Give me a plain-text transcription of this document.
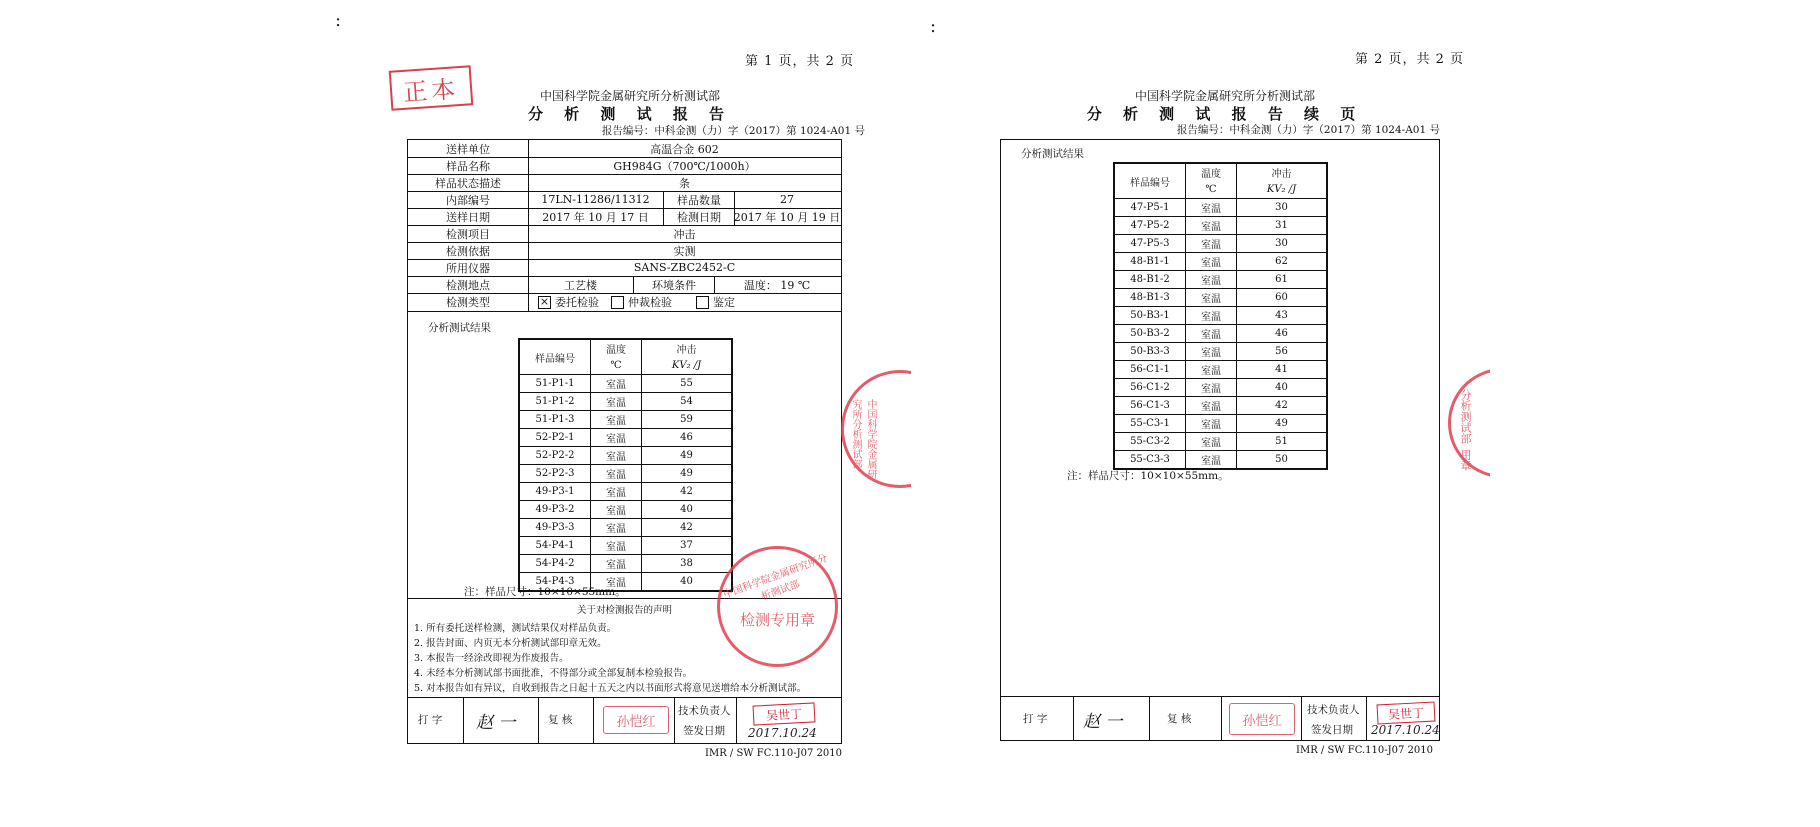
:
第 1 页，共 2 页
正本	中国科学院金属研究所分析测试部
分 析 测 试 报 告
报告编号：中科金测（力）字（2017）第 1024-A01 号
送样单位	高温合金 602
样品名称	GH984G（700℃/1000h）
样品状态描述	条
内部编号	17LN-11286/11312	样品数量	27
送样日期	2017 年 10 月 17 日	检测日期	2017 年 10 月 19 日
检测项目	冲击
检测依据	实测
所用仪器	SANS-ZBC2452-C
检测地点	工艺楼	环境条件	温度： 19 ℃
检测类型	× 委托检验	仲裁检验	鉴定
分析测试结果
样品编号	温度	冲击
	℃	KV₂ /J
51-P1-1	室温	55
51-P1-2	室温	54
51-P1-3	室温	59
52-P2-1	室温	46
52-P2-2	室温	49
52-P2-3	室温	49
49-P3-1	室温	42
49-P3-2	室温	40
49-P3-3	室温	42
54-P4-1	室温	37
54-P4-2	室温	38
54-P4-3	室温	40
注：样品尺寸：10×10×55mm。
关于对检测报告的声明
1. 所有委托送样检测，测试结果仅对样品负责。
2. 报告封面、内页无本分析测试部印章无效。
3. 本报告一经涂改即视为作废报告。
4. 未经本分析测试部书面批准，不得部分或全部复制本检验报告。
5. 对本报告如有异议，自收到报告之日起十五天之内以书面形式将意见送增给本分析测试部。
打 字 赵 一	复 核	孙恺红
技术负责人
签发日期
吴世丁
2017.10.24
IMR / SW FC.110-J07 2010
中国科学院金属研究所分析测试部
检测专用章
中国科学院金属研究所分析测试部
:
第 2 页，共 2 页
中国科学院金属研究所分析测试部
分 析 测 试 报 告 续 页
报告编号：中科金测（力）字（2017）第 1024-A01 号
分析测试结果
样品编号	温度	冲击
	℃	KV₂ /J
47-P5-1	室温	30
47-P5-2	室温	31
47-P5-3	室温	30
48-B1-1	室温	62
48-B1-2	室温	61
48-B1-3	室温	60
50-B3-1	室温	43
50-B3-2	室温	46
50-B3-3	室温	56
56-C1-1	室温	41
56-C1-2	室温	40
56-C1-3	室温	42
55-C3-1	室温	49
55-C3-2	室温	51
55-C3-3	室温	50
注：样品尺寸：10×10×55mm。
打 字 赵 一	复 核	孙恺红
技术负责人
签发日期
吴世丁
2017.10.24
IMR / SW FC.110-J07 2010
分析测试部
用章
